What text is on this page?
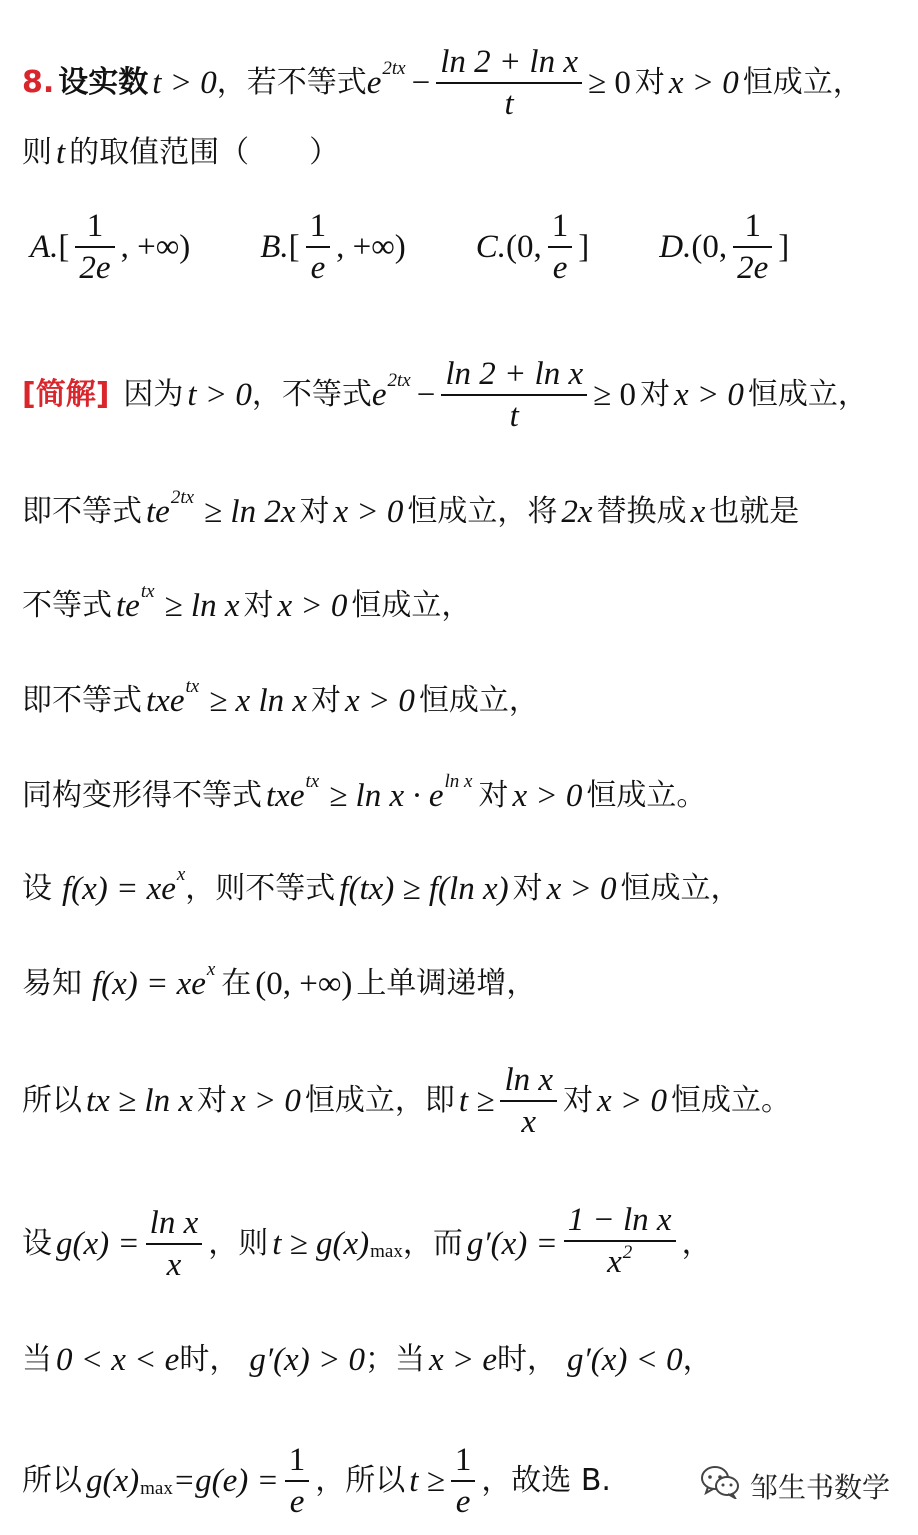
8. 设实数 t > 0 ， 若不等式 e $2tx - \frac{\text{ln 2 + ln x}}{t} \ge 0$ 对 x > 0 恒成立，
则 t 的取值范围（　　）
A. [ $\frac{1}{2e}$ , +∞) B. [ $\frac{1}{e}$ , +∞) C. (0, $\frac{1}{e}$ ] D. (0, $\frac{1}{2e}$ ]
[简解] 因为 t > 0 ，不等式 e $2tx - \frac{\text{ln 2 + ln x}}{t} \ge 0$ 对 x > 0 恒成立，
即不等式 te 2tx ≥ ln 2x 对 x > 0 恒成立，将 2x 替换成 x 也就是
不等式 te tx ≥ ln x 对 x > 0 恒成立，
即不等式 txe tx ≥ x ln x 对 x > 0 恒成立，
同构变形得不等式 txe tx ≥ ln x · e ln x 对 x > 0 恒成立。
设 f(x) = xe x ，则不等式 f(tx) ≥ f(ln x) 对 x > 0 恒成立，
易知 f(x) = xe x 在 (0, +∞) 上单调递增，
所以 tx ≥ ln x 对 x > 0 恒成立，即 $t \ge \frac{\text{ln x}}{x}$ 对 x > 0 恒成立。
设 $g(x) = \frac{\text{ln x}}{x}$ ，则 t ≥ g(x) max ，而 $g'(x) = \frac{\text{1 − ln x}}{x^2}$ ，
当 0 < x < e 时， g′(x) > 0 ；当 x > e 时， g′(x) < 0 ，
所以 g(x) $\max =g(e) = \frac{1}{e}$ ，所以 $t \ge \frac{1}{e}$ ，故选 B.	邹生书数学
